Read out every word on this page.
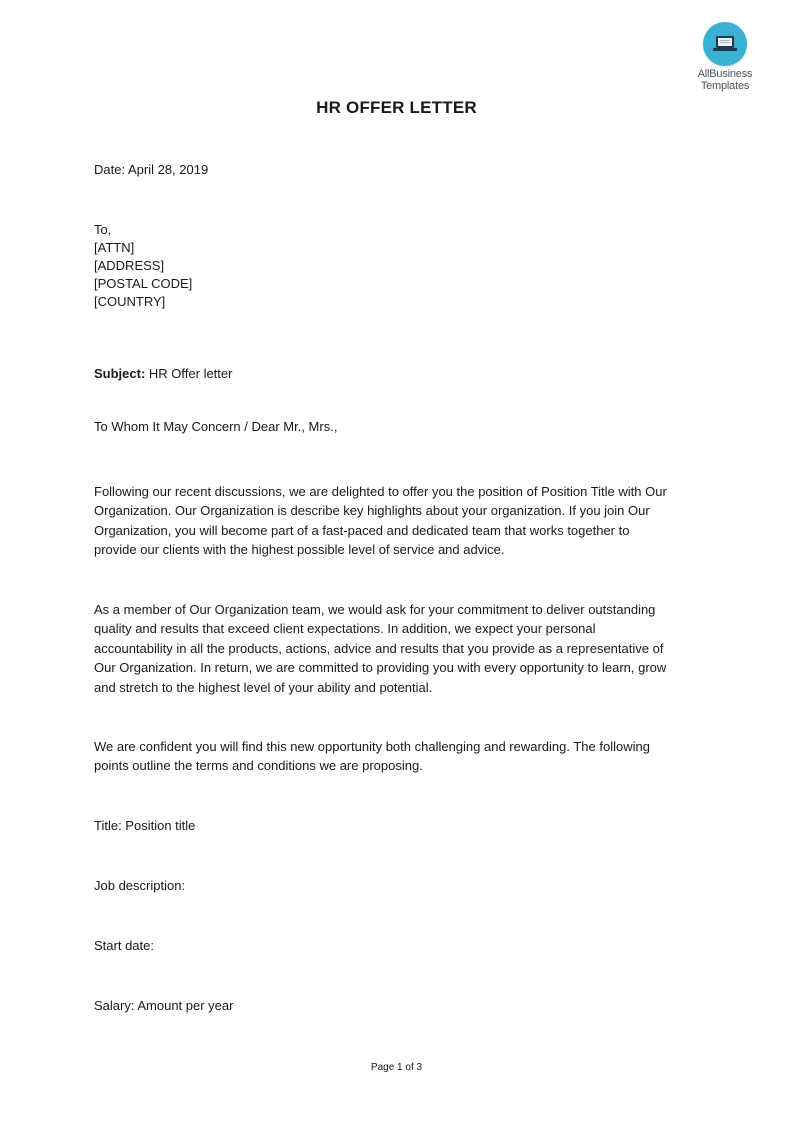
AllBusiness
Templates
HR OFFER LETTER
Date: April 28, 2019
To,
[ATTN]
[ADDRESS]
[POSTAL CODE]
[COUNTRY]
Subject: HR Offer letter
To Whom It May Concern / Dear Mr., Mrs.,
Following our recent discussions, we are delighted to offer you the position of Position Title with Our
Organization. Our Organization is describe key highlights about your organization. If you join Our
Organization, you will become part of a fast-paced and dedicated team that works together to
provide our clients with the highest possible level of service and advice.
As a member of Our Organization team, we would ask for your commitment to deliver outstanding
quality and results that exceed client expectations. In addition, we expect your personal
accountability in all the products, actions, advice and results that you provide as a representative of
Our Organization. In return, we are committed to providing you with every opportunity to learn, grow
and stretch to the highest level of your ability and potential.
We are confident you will find this new opportunity both challenging and rewarding. The following
points outline the terms and conditions we are proposing.
Title: Position title
Job description:
Start date:
Salary: Amount per year
Page 1 of 3
